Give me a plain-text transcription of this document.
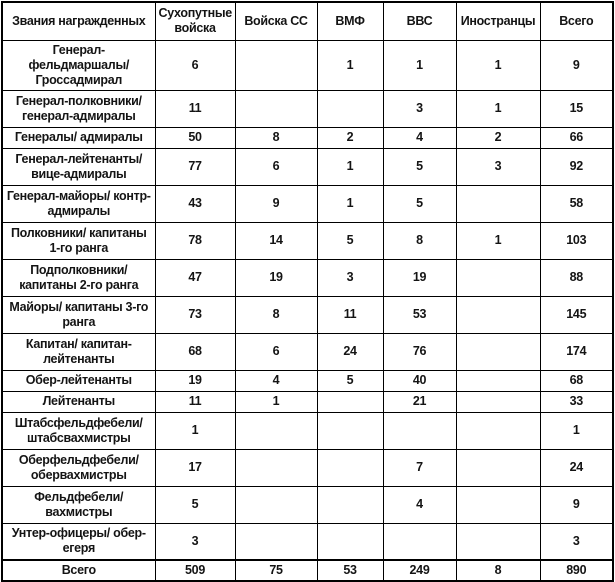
Звания награжденных	Сухопутные войска	Войска СС	ВМФ	ВВС	Иностранцы	Всего
Генерал-фельдмаршалы/ Гроссадмирал	6		1	1	1	9
Генерал-полковники/ генерал-адмиралы	11			3	1	15
Генералы/ адмиралы	50	8	2	4	2	66
Генерал-лейтенанты/ вице-адмиралы	77	6	1	5	3	92
Генерал-майоры/ контр-адмиралы	43	9	1	5		58
Полковники/ капитаны 1-го ранга	78	14	5	8	1	103
Подполковники/ капитаны 2-го ранга	47	19	3	19		88
Майоры/ капитаны 3-го ранга	73	8	11	53		145
Капитан/ капитан-лейтенанты	68	6	24	76		174
Обер-лейтенанты	19	4	5	40		68
Лейтенанты	11	1		21		33
Штабсфельдфебели/ штабсвахмистры	1					1
Оберфельдфебели/ обервахмистры	17			7		24
Фельдфебели/ вахмистры	5			4		9
Унтер-офицеры/ обер-егеря	3					3
Всего	509	75	53	249	8	890
